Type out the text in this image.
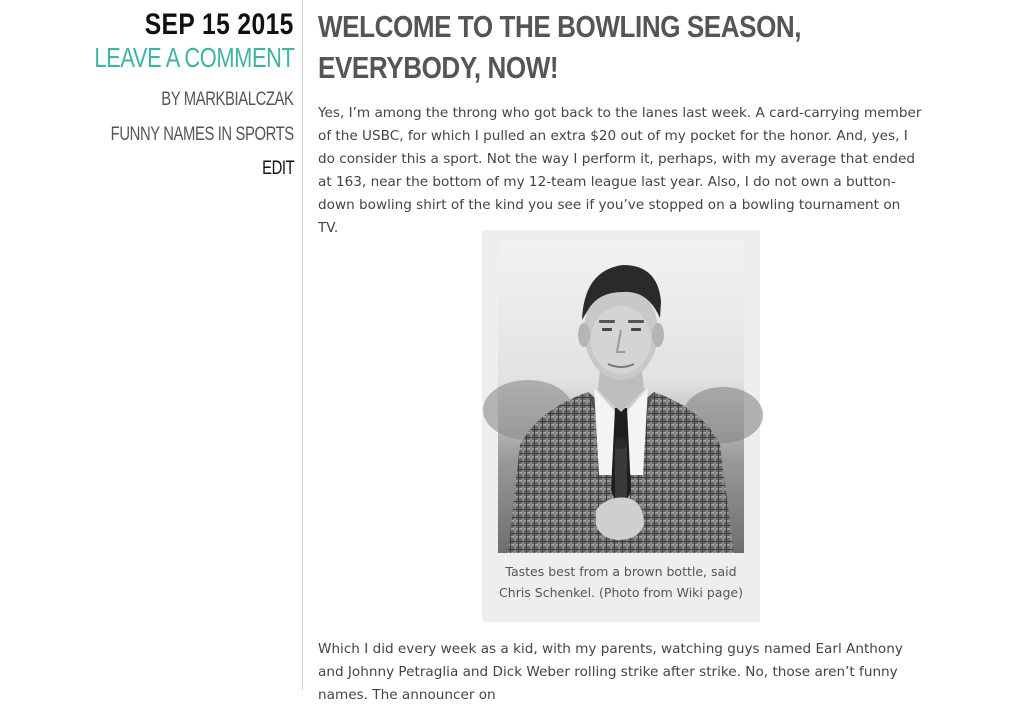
SEP 15 2015
LEAVE A COMMENT
BY MARKBIALCZAK
FUNNY NAMES IN SPORTS
EDIT
WELCOME TO THE BOWLING SEASON, EVERYBODY, NOW!

Yes, I’m among the throng who got back to the lanes last week. A card-carrying member of the USBC, for which I pulled an extra $20 out of my pocket for the honor. And, yes, I do consider this a sport. Not the way I perform it, perhaps, with my average that ended at 163, near the bottom of my 12-team league last year. Also, I do not own a button-down bowling shirt of the kind you see if you’ve stopped on a bowling tournament on TV.

Tastes best from a brown bottle, said Chris Schenkel. (Photo from Wiki page)

Which I did every week as a kid, with my parents, watching guys named Earl Anthony and Johnny Petraglia and Dick Weber rolling strike after strike. No, those aren’t funny names. The announcer on
